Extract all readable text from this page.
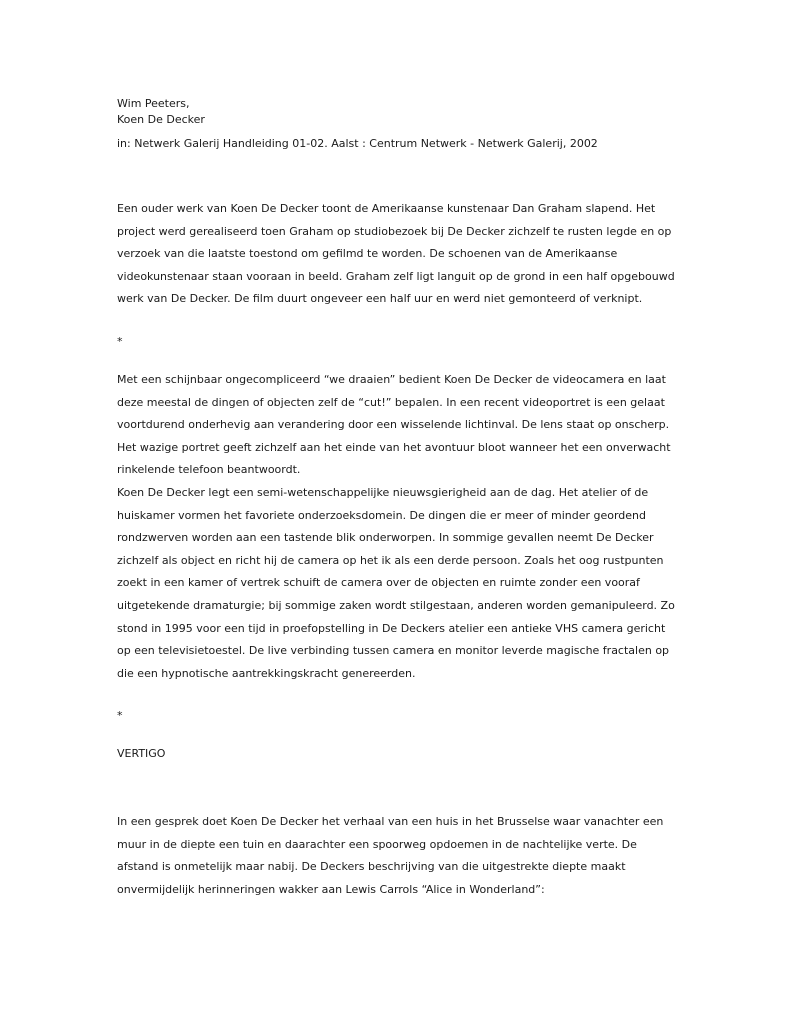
Wim Peeters,
Koen De Decker
in: Netwerk Galerij Handleiding 01-02. Aalst : Centrum Netwerk - Netwerk Galerij, 2002

Een ouder werk van Koen De Decker toont de Amerikaanse kunstenaar Dan Graham slapend. Het project werd gerealiseerd toen Graham op studiobezoek bij De Decker zichzelf te rusten legde en op verzoek van die laatste toestond om gefilmd te worden. De schoenen van de Amerikaanse videokunstenaar staan vooraan in beeld. Graham zelf ligt languit op de grond in een half opgebouwd werk van De Decker. De film duurt ongeveer een half uur en werd niet gemonteerd of verknipt.

*

Met een schijnbaar ongecompliceerd “we draaien” bedient Koen De Decker de videocamera en laat deze meestal de dingen of objecten zelf de “cut!” bepalen. In een recent videoportret is een gelaat voortdurend onderhevig aan verandering door een wisselende lichtinval. De lens staat op onscherp. Het wazige portret geeft zichzelf aan het einde van het avontuur bloot wanneer het een onverwacht rinkelende telefoon beantwoordt.

Koen De Decker legt een semi-wetenschappelijke nieuwsgierigheid aan de dag. Het atelier of de huiskamer vormen het favoriete onderzoeksdomein. De dingen die er meer of minder geordend rondzwerven worden aan een tastende blik onderworpen. In sommige gevallen neemt De Decker zichzelf als object en richt hij de camera op het ik als een derde persoon. Zoals het oog rustpunten zoekt in een kamer of vertrek schuift de camera over de objecten en ruimte zonder een vooraf uitgetekende dramaturgie; bij sommige zaken wordt stilgestaan, anderen worden gemanipuleerd. Zo stond in 1995 voor een tijd in proefopstelling in De Deckers atelier een antieke VHS camera gericht op een televisietoestel. De live verbinding tussen camera en monitor leverde magische fractalen op die een hypnotische aantrekkingskracht genereerden.

*
VERTIGO

In een gesprek doet Koen De Decker het verhaal van een huis in het Brusselse waar vanachter een muur in de diepte een tuin en daarachter een spoorweg opdoemen in de nachtelijke verte. De afstand is onmetelijk maar nabij. De Deckers beschrijving van die uitgestrekte diepte maakt onvermijdelijk herinneringen wakker aan Lewis Carrols “Alice in Wonderland”:
